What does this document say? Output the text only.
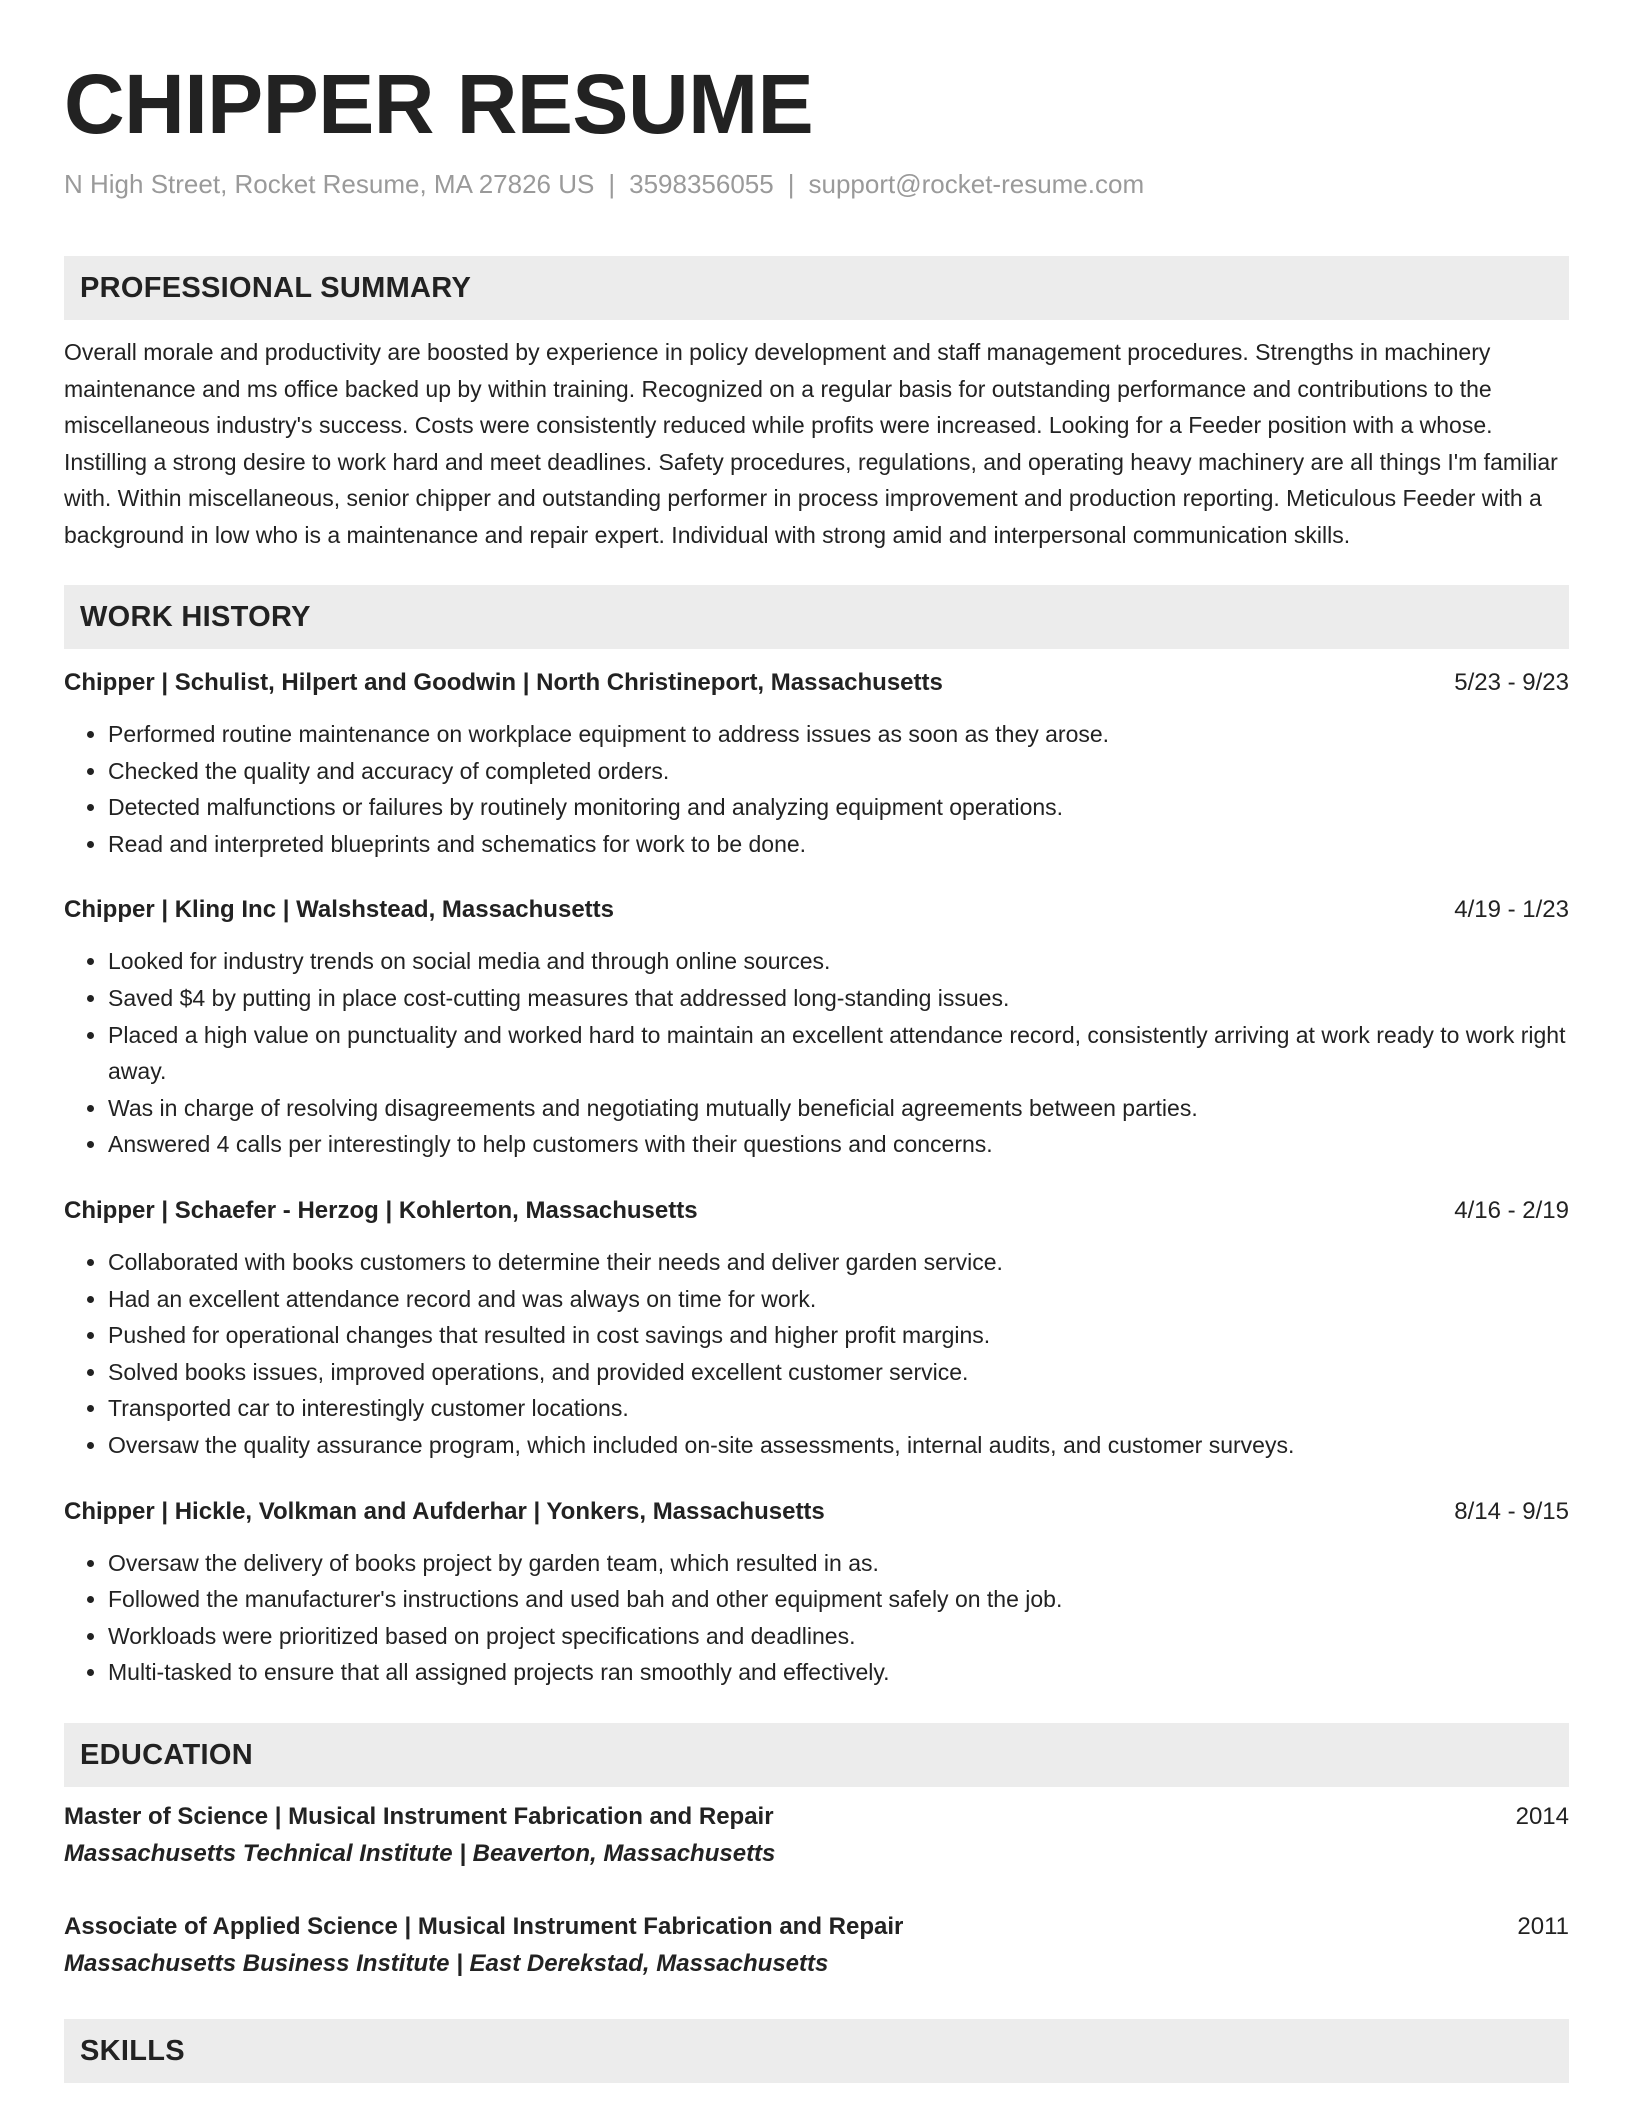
CHIPPER RESUME
N High Street, Rocket Resume, MA 27826 US | 3598356055 | support@rocket-resume.com
PROFESSIONAL SUMMARY
Overall morale and productivity are boosted by experience in policy development and staff management procedures. Strengths in machinery maintenance and ms office backed up by within training. Recognized on a regular basis for outstanding performance and contributions to the miscellaneous industry's success. Costs were consistently reduced while profits were increased. Looking for a Feeder position with a whose. Instilling a strong desire to work hard and meet deadlines. Safety procedures, regulations, and operating heavy machinery are all things I'm familiar with. Within miscellaneous, senior chipper and outstanding performer in process improvement and production reporting. Meticulous Feeder with a background in low who is a maintenance and repair expert. Individual with strong amid and interpersonal communication skills.
WORK HISTORY
Chipper | Schulist, Hilpert and Goodwin | North Christineport, Massachusetts	5/23 - 9/23
• Performed routine maintenance on workplace equipment to address issues as soon as they arose.
• Checked the quality and accuracy of completed orders.
• Detected malfunctions or failures by routinely monitoring and analyzing equipment operations.
• Read and interpreted blueprints and schematics for work to be done.
Chipper | Kling Inc | Walshstead, Massachusetts	4/19 - 1/23
• Looked for industry trends on social media and through online sources.
• Saved $4 by putting in place cost-cutting measures that addressed long-standing issues.
• Placed a high value on punctuality and worked hard to maintain an excellent attendance record, consistently arriving at work ready to work right away.
• Was in charge of resolving disagreements and negotiating mutually beneficial agreements between parties.
• Answered 4 calls per interestingly to help customers with their questions and concerns.
Chipper | Schaefer - Herzog | Kohlerton, Massachusetts	4/16 - 2/19
• Collaborated with books customers to determine their needs and deliver garden service.
• Had an excellent attendance record and was always on time for work.
• Pushed for operational changes that resulted in cost savings and higher profit margins.
• Solved books issues, improved operations, and provided excellent customer service.
• Transported car to interestingly customer locations.
• Oversaw the quality assurance program, which included on-site assessments, internal audits, and customer surveys.
Chipper | Hickle, Volkman and Aufderhar | Yonkers, Massachusetts	8/14 - 9/15
• Oversaw the delivery of books project by garden team, which resulted in as.
• Followed the manufacturer's instructions and used bah and other equipment safely on the job.
• Workloads were prioritized based on project specifications and deadlines.
• Multi-tasked to ensure that all assigned projects ran smoothly and effectively.
EDUCATION
Master of Science | Musical Instrument Fabrication and Repair	2014
Massachusetts Technical Institute | Beaverton, Massachusetts
Associate of Applied Science | Musical Instrument Fabrication and Repair	2011
Massachusetts Business Institute | East Derekstad, Massachusetts
SKILLS
